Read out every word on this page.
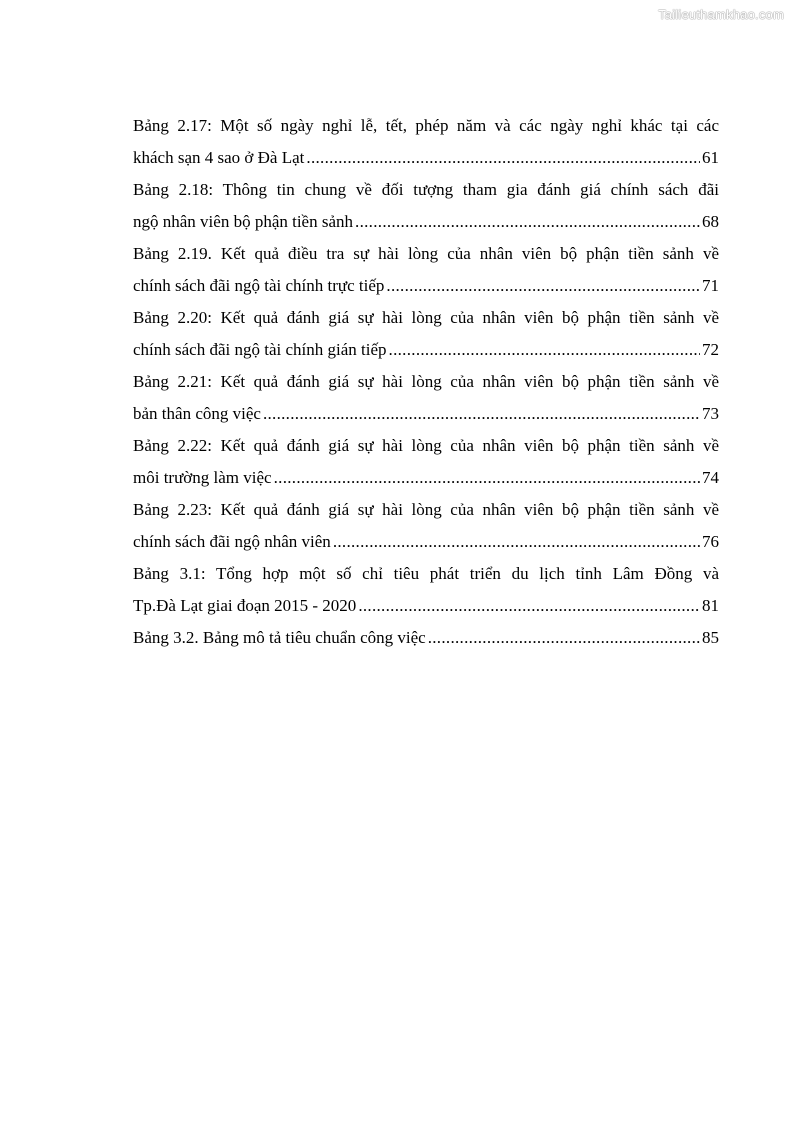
Tailieuthamkhao.com
Bảng 2.17: Một số ngày nghỉ lễ, tết, phép năm và các ngày nghỉ khác tại các
khách sạn 4 sao ở Đà Lạt .....	61
Bảng 2.18: Thông tin chung về đối tượng tham gia đánh giá chính sách đãi
ngộ nhân viên bộ phận tiền sảnh .....	68
Bảng 2.19. Kết quả điều tra sự hài lòng của nhân viên bộ phận tiền sảnh về
chính sách đãi ngộ tài chính trực tiếp .....	71
Bảng 2.20: Kết quả đánh giá sự hài lòng của nhân viên bộ phận tiền sảnh về
chính sách đãi ngộ tài chính gián tiếp .....	72
Bảng 2.21: Kết quả đánh giá sự hài lòng của nhân viên bộ phận tiền sảnh về
bản thân công việc .....	73
Bảng 2.22: Kết quả đánh giá sự hài lòng của nhân viên bộ phận tiền sảnh về
môi trường làm việc .....	74
Bảng 2.23: Kết quả đánh giá sự hài lòng của nhân viên bộ phận tiền sảnh về
chính sách đãi ngộ nhân viên .....	76
Bảng 3.1: Tổng hợp một số chỉ tiêu phát triển du lịch tỉnh Lâm Đồng và
Tp.Đà Lạt giai đoạn 2015 - 2020 .....	81
Bảng 3.2. Bảng mô tả tiêu chuẩn công việc .....	85
